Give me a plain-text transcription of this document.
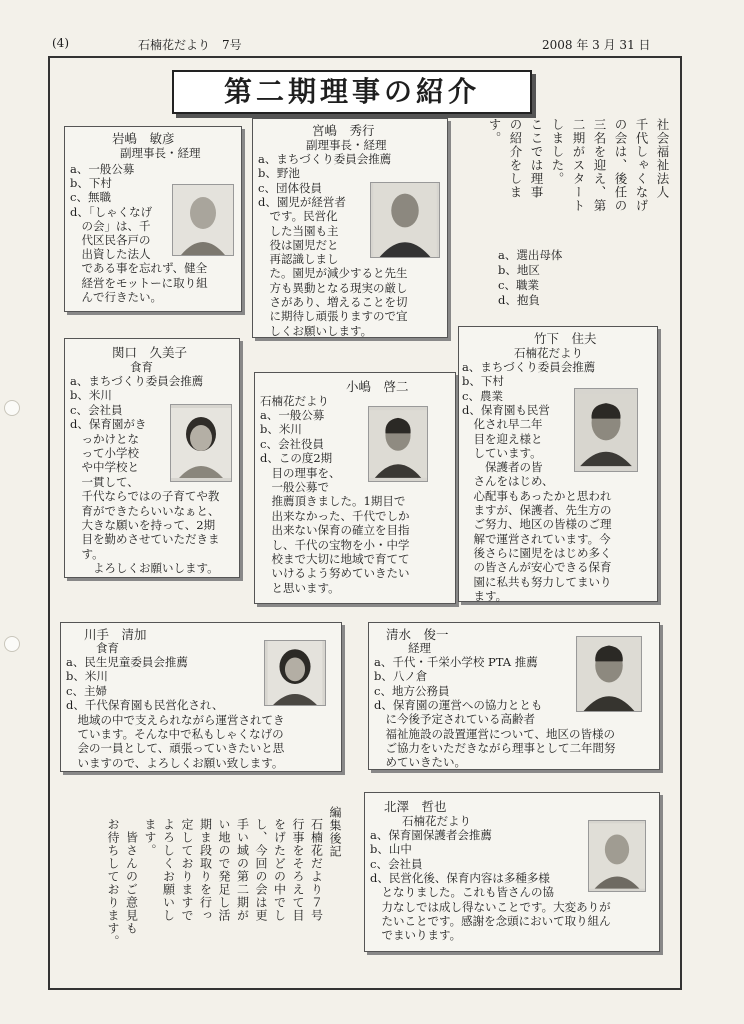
(4)	石楠花だより　7号	2008 年 3 月 31 日
第二期理事の紹介
社会福祉法人
千代しゃくなげ
の会は、後任の
三名を迎え、第
二期がスタート
しました。
ここでは理事
の紹介をしま
す。
a、選出母体
b、地区
c、職業
d、抱負
編集後記
石楠花だより７号
行事をそろえて目
をげたどの中でし
し、今回の会は更
手い域の第二期が
い地ので発足し活
期ま段取りを行っ
定しておりますで
よろしくお願いし
ます。
　皆さんのご意見も
お待ちしております。
岩嶋　敏彦
副理事長・経理
a、一般公募
b、下村
c、無職
d、「しゃくなげ
　の会」は、千
　代区民各戸の
　出資した法人
　である事を忘れず、健全
　経営をモットーに取り組
　んで行きたい。
宮嶋　秀行
副理事長・経理
a、まちづくり委員会推薦
b、野池
c、団体役員
d、園児が経営者
　です。民営化
　した当園も主
　役は園児だと
　再認識しまし
　た。園児が減少すると先生
　方も異動となる現実の厳し
　さがあり、増えることを切
　に期待し頑張りますので宜
　しくお願いします。
関口　久美子
食育
a、まちづくり委員会推薦
b、米川
c、会社員
d、保育園がき
　っかけとな
　って小学校
　や中学校と
　一貫して、
　千代ならではの子育てや教
　育ができたらいいなぁと、
　大きな願いを持って、2期
　目を勤めさせていただきま
　す。
　　よろしくお願いします。
小嶋　啓二
石楠花だより
a、一般公募
b、米川
c、会社役員
d、この度2期
　目の理事を、
　一般公募で
　推薦頂きました。1期目で
　出来なかった、千代でしか
　出来ない保育の確立を目指
　し、千代の宝物を小・中学
　校まで大切に地域で育てて
　いけるよう努めていきたい
　と思います。
竹下　住夫
石楠花だより
a、まちづくり委員会推薦
b、下村
c、農業
d、保育園も民営
　化され早二年
　目を迎え様と
　しています。
　　保護者の皆
　さんをはじめ、
　心配事もあったかと思われ
　ますが、保護者、先生方の
　ご努力、地区の皆様のご理
　解で運営されています。今
　後さらに園児をはじめ多く
　の皆さんが安心できる保育
　園に私共も努力してまいり
　ます。
川手　清加
食育
a、民生児童委員会推薦
b、米川
c、主婦
d、千代保育園も民営化され、
　地域の中で支えられながら運営されてき
　ています。そんな中で私もしゃくなげの
　会の一員として、頑張っていきたいと思
　いますので、よろしくお願い致します。
清水　俊一
経理
a、千代・千栄小学校 PTA 推薦
b、八ノ倉
c、地方公務員
d、保育園の運営への協力ととも
　に今後予定されている高齢者
　福祉施設の設置運営について、地区の皆様の
　ご協力をいただきながら理事として二年間努
　めていきたい。
北澤　哲也
石楠花だより
a、保育園保護者会推薦
b、山中
c、会社員
d、民営化後、保育内容は多種多様
　となりました。これも皆さんの協
　力なしでは成し得ないことです。大変ありが
　たいことです。感謝を念頭において取り組ん
　でまいります。
